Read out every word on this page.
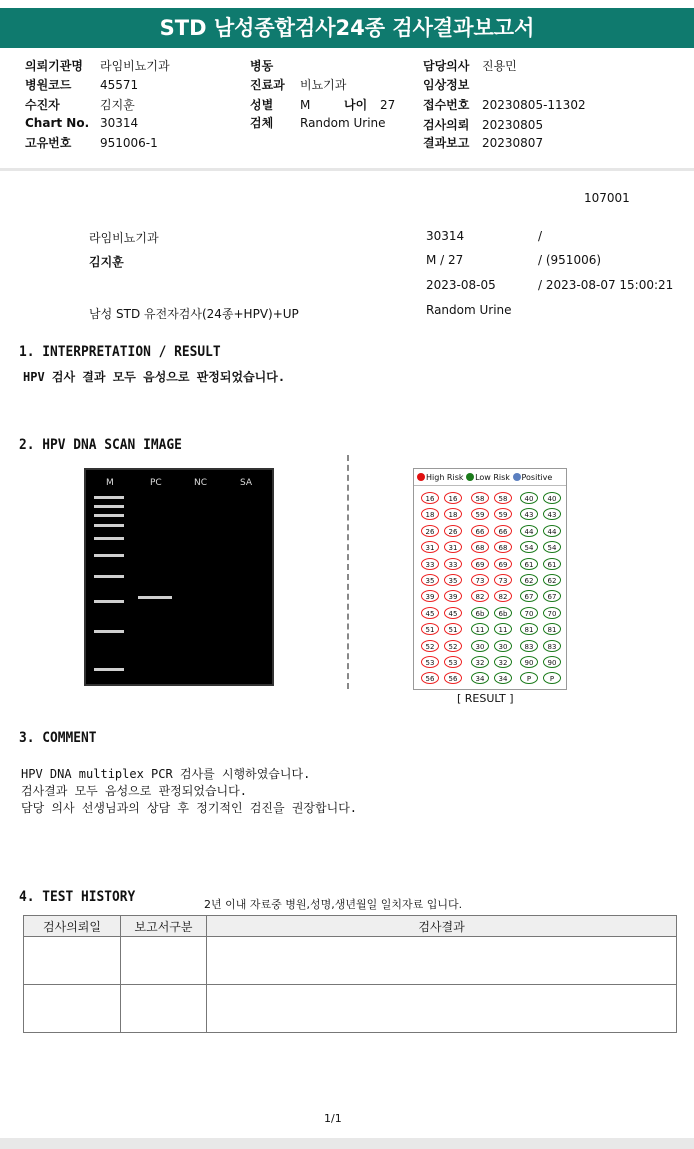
STD 남성종합검사24종 검사결과보고서
의뢰기관명 라임비뇨기과
병원코드 45571
수진자	김지훈
Chart No. 30314
고유번호 951006-1
병동
진료과 비뇨기과
성별 M
검체 Random Urine
나이 27
담당의사 진용민
임상정보
접수번호 20230805-11302
검사의뢰 20230805
결과보고 20230807
107001
라임비뇨기과
김지훈
남성 STD 유전자검사(24종+HPV)+UP
30314	/
M / 27	/ (951006)
2023-08-05	/ 2023-08-07 15:00:21
Random Urine
1. INTERPRETATION / RESULT
HPV 검사 결과 모두 음성으로 판정되었습니다.
2. HPV DNA SCAN IMAGE
M	PC	NC	SA
High Risk Low Risk Positive
16	16	58	58	40	40
18	18	59	59	43	43
26	26	66	66	44	44
31	31	68	68	54	54
33	33	69	69	61	61
35	35	73	73	62	62
39	39	82	82	67	67
45	45	6b	6b	70	70
51	51	11	11	81	81
52	52	30	30	83	83
53	53	32	32	90	90
56	56	34	34	P	P
[ RESULT ]
3. COMMENT
HPV DNA multiplex PCR 검사를 시행하였습니다.
검사결과 모두 음성으로 판정되었습니다.
담당 의사 선생님과의 상담 후 정기적인 검진을 권장합니다.
4. TEST HISTORY	2년 이내 자료중 병원,성명,생년월일 일치자료 입니다.
검사의뢰일	보고서구분	검사결과

1/1
